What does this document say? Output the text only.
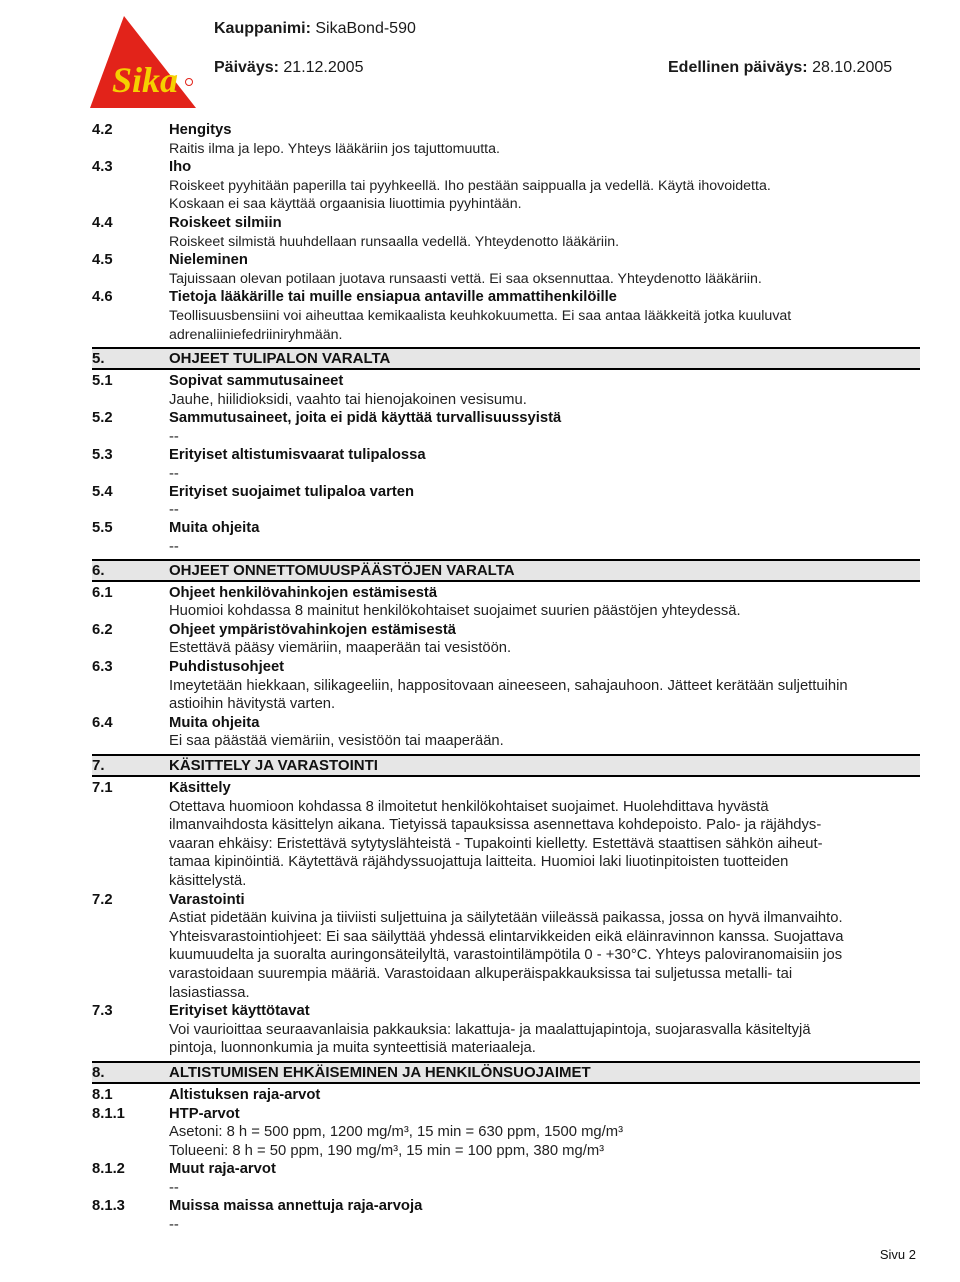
Sika
Kauppanimi: SikaBond-590
Päiväys: 21.12.2005	Edellinen päiväys: 28.10.2005
4.2	Hengitys
Raitis ilma ja lepo. Yhteys lääkäriin jos tajuttomuutta.
4.3	Iho
Roiskeet pyyhitään paperilla tai pyyhkeellä. Iho pestään saippualla ja vedellä. Käytä ihovoidetta.
Koskaan ei saa käyttää orgaanisia liuottimia pyyhintään.
4.4	Roiskeet silmiin
Roiskeet silmistä huuhdellaan runsaalla vedellä. Yhteydenotto lääkäriin.
4.5	Nieleminen
Tajuissaan olevan potilaan juotava runsaasti vettä. Ei saa oksennuttaa. Yhteydenotto lääkäriin.
4.6	Tietoja lääkärille tai muille ensiapua antaville ammattihenkilöille
Teollisuusbensiini voi aiheuttaa kemikaalista keuhkokuumetta. Ei saa antaa lääkkeitä jotka kuuluvat
adrenaliiniefedriiniryhmään.
5.	OHJEET TULIPALON VARALTA
5.1	Sopivat sammutusaineet
Jauhe, hiilidioksidi, vaahto tai hienojakoinen vesisumu.
5.2	Sammutusaineet, joita ei pidä käyttää turvallisuussyistä
--
5.3	Erityiset altistumisvaarat tulipalossa
--
5.4	Erityiset suojaimet tulipaloa varten
--
5.5	Muita ohjeita
--
6.	OHJEET ONNETTOMUUSPÄÄSTÖJEN VARALTA
6.1	Ohjeet henkilövahinkojen estämisestä
Huomioi kohdassa 8 mainitut henkilökohtaiset suojaimet suurien päästöjen yhteydessä.
6.2	Ohjeet ympäristövahinkojen estämisestä
Estettävä pääsy viemäriin, maaperään tai vesistöön.
6.3	Puhdistusohjeet
Imeytetään hiekkaan, silikageeliin, happositovaan aineeseen, sahajauhoon. Jätteet kerätään suljettuihin
astioihin hävitystä varten.
6.4	Muita ohjeita
Ei saa päästää viemäriin, vesistöön tai maaperään.
7.	KÄSITTELY JA VARASTOINTI
7.1	Käsittely
Otettava huomioon kohdassa 8 ilmoitetut henkilökohtaiset suojaimet. Huolehdittava hyvästä
ilmanvaihdosta käsittelyn aikana. Tietyissä tapauksissa asennettava kohdepoisto. Palo- ja räjähdys-
vaaran ehkäisy: Eristettävä sytytyslähteistä - Tupakointi kielletty. Estettävä staattisen sähkön aiheut-
tamaa kipinöintiä. Käytettävä räjähdyssuojattuja laitteita. Huomioi laki liuotinpitoisten tuotteiden
käsittelystä.
7.2	Varastointi
Astiat pidetään kuivina ja tiiviisti suljettuina ja säilytetään viileässä paikassa, jossa on hyvä ilmanvaihto.
Yhteisvarastointiohjeet: Ei saa säilyttää yhdessä elintarvikkeiden eikä eläinravinnon kanssa. Suojattava
kuumuudelta ja suoralta auringonsäteilyltä, varastointilämpötila 0 - +30°C. Yhteys paloviranomaisiin jos
varastoidaan suurempia määriä. Varastoidaan alkuperäispakkauksissa tai suljetussa metalli- tai
lasiastiassa.
7.3	Erityiset käyttötavat
Voi vaurioittaa seuraavanlaisia pakkauksia: lakattuja- ja maalattujapintoja, suojarasvalla käsiteltyjä
pintoja, luonnonkumia ja muita synteettisiä materiaaleja.
8.	ALTISTUMISEN EHKÄISEMINEN JA HENKILÖNSUOJAIMET
8.1	Altistuksen raja-arvot
8.1.1	HTP-arvot
Asetoni: 8 h = 500 ppm, 1200 mg/m³, 15 min = 630 ppm, 1500 mg/m³
Tolueeni: 8 h = 50 ppm, 190 mg/m³, 15 min = 100 ppm, 380 mg/m³
8.1.2	Muut raja-arvot
--
8.1.3	Muissa maissa annettuja raja-arvoja
--
Sivu 2
